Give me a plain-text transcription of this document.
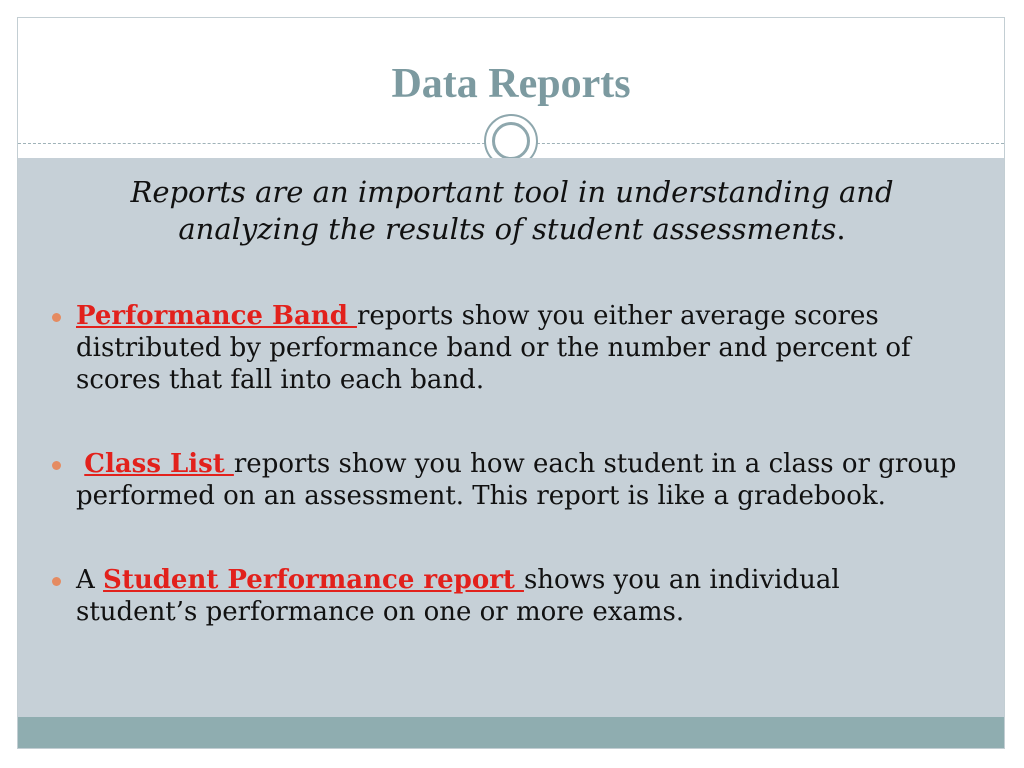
Data Reports

Reports are an important tool in understanding and analyzing the results of student assessments.

Performance Band reports show you either average scores distributed by performance band or the number and percent of scores that fall into each band.
Class List reports show you how each student in a class or group performed on an assessment. This report is like a gradebook.
A Student Performance report shows you an individual student’s performance on one or more exams.
